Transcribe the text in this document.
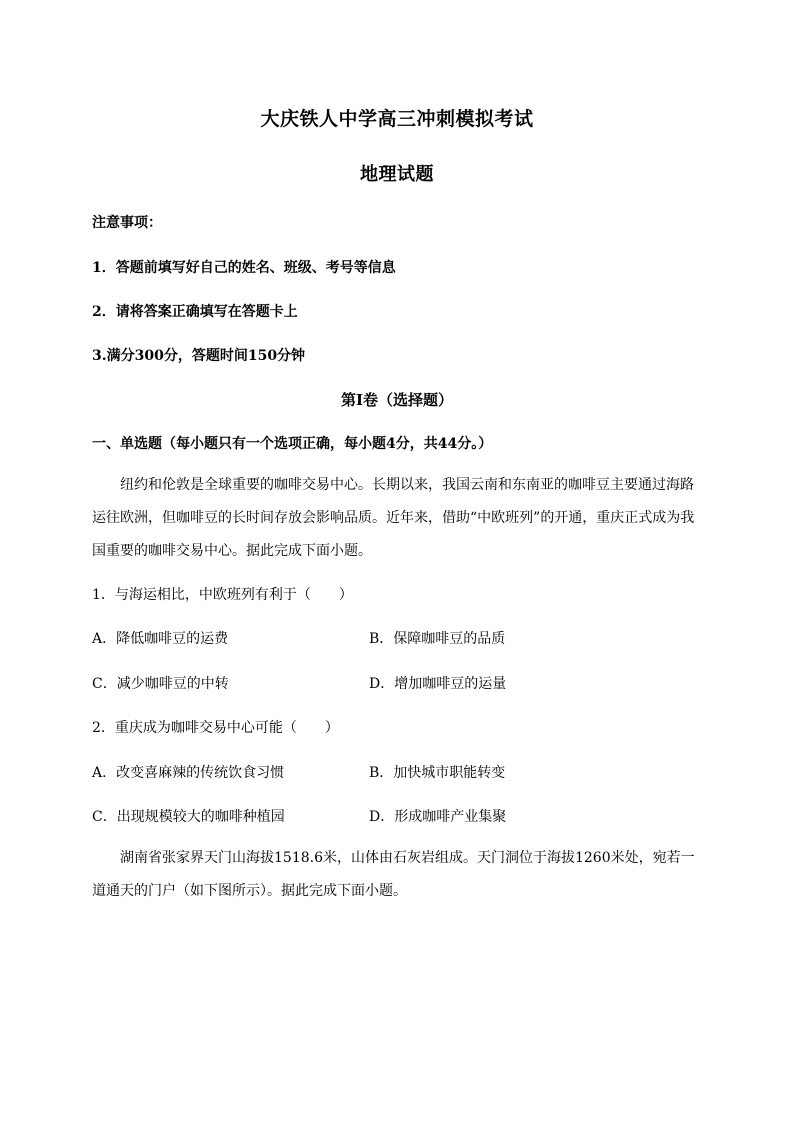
大庆铁人中学高三冲刺模拟考试
地理试题
注意事项：
1．答题前填写好自己的姓名、班级、考号等信息
2．请将答案正确填写在答题卡上
3.满分300分，答题时间150分钟
第I卷（选择题）
一、单选题（每小题只有一个选项正确，每小题4分，共44分。）
纽约和伦敦是全球重要的咖啡交易中心。长期以来，我国云南和东南亚的咖啡豆主要通过海路运往欧洲，但咖啡豆的长时间存放会影响品质。近年来，借助“中欧班列”的开通，重庆正式成为我国重要的咖啡交易中心。据此完成下面小题。
1．与海运相比，中欧班列有利于（　　）
A．降低咖啡豆的运费	B．保障咖啡豆的品质
C．减少咖啡豆的中转	D．增加咖啡豆的运量
2．重庆成为咖啡交易中心可能（　　）
A．改变喜麻辣的传统饮食习惯	B．加快城市职能转变
C．出现规模较大的咖啡种植园	D．形成咖啡产业集聚
湖南省张家界天门山海拔1518.6米，山体由石灰岩组成。天门洞位于海拔1260米处，宛若一道通天的门户（如下图所示）。据此完成下面小题。
